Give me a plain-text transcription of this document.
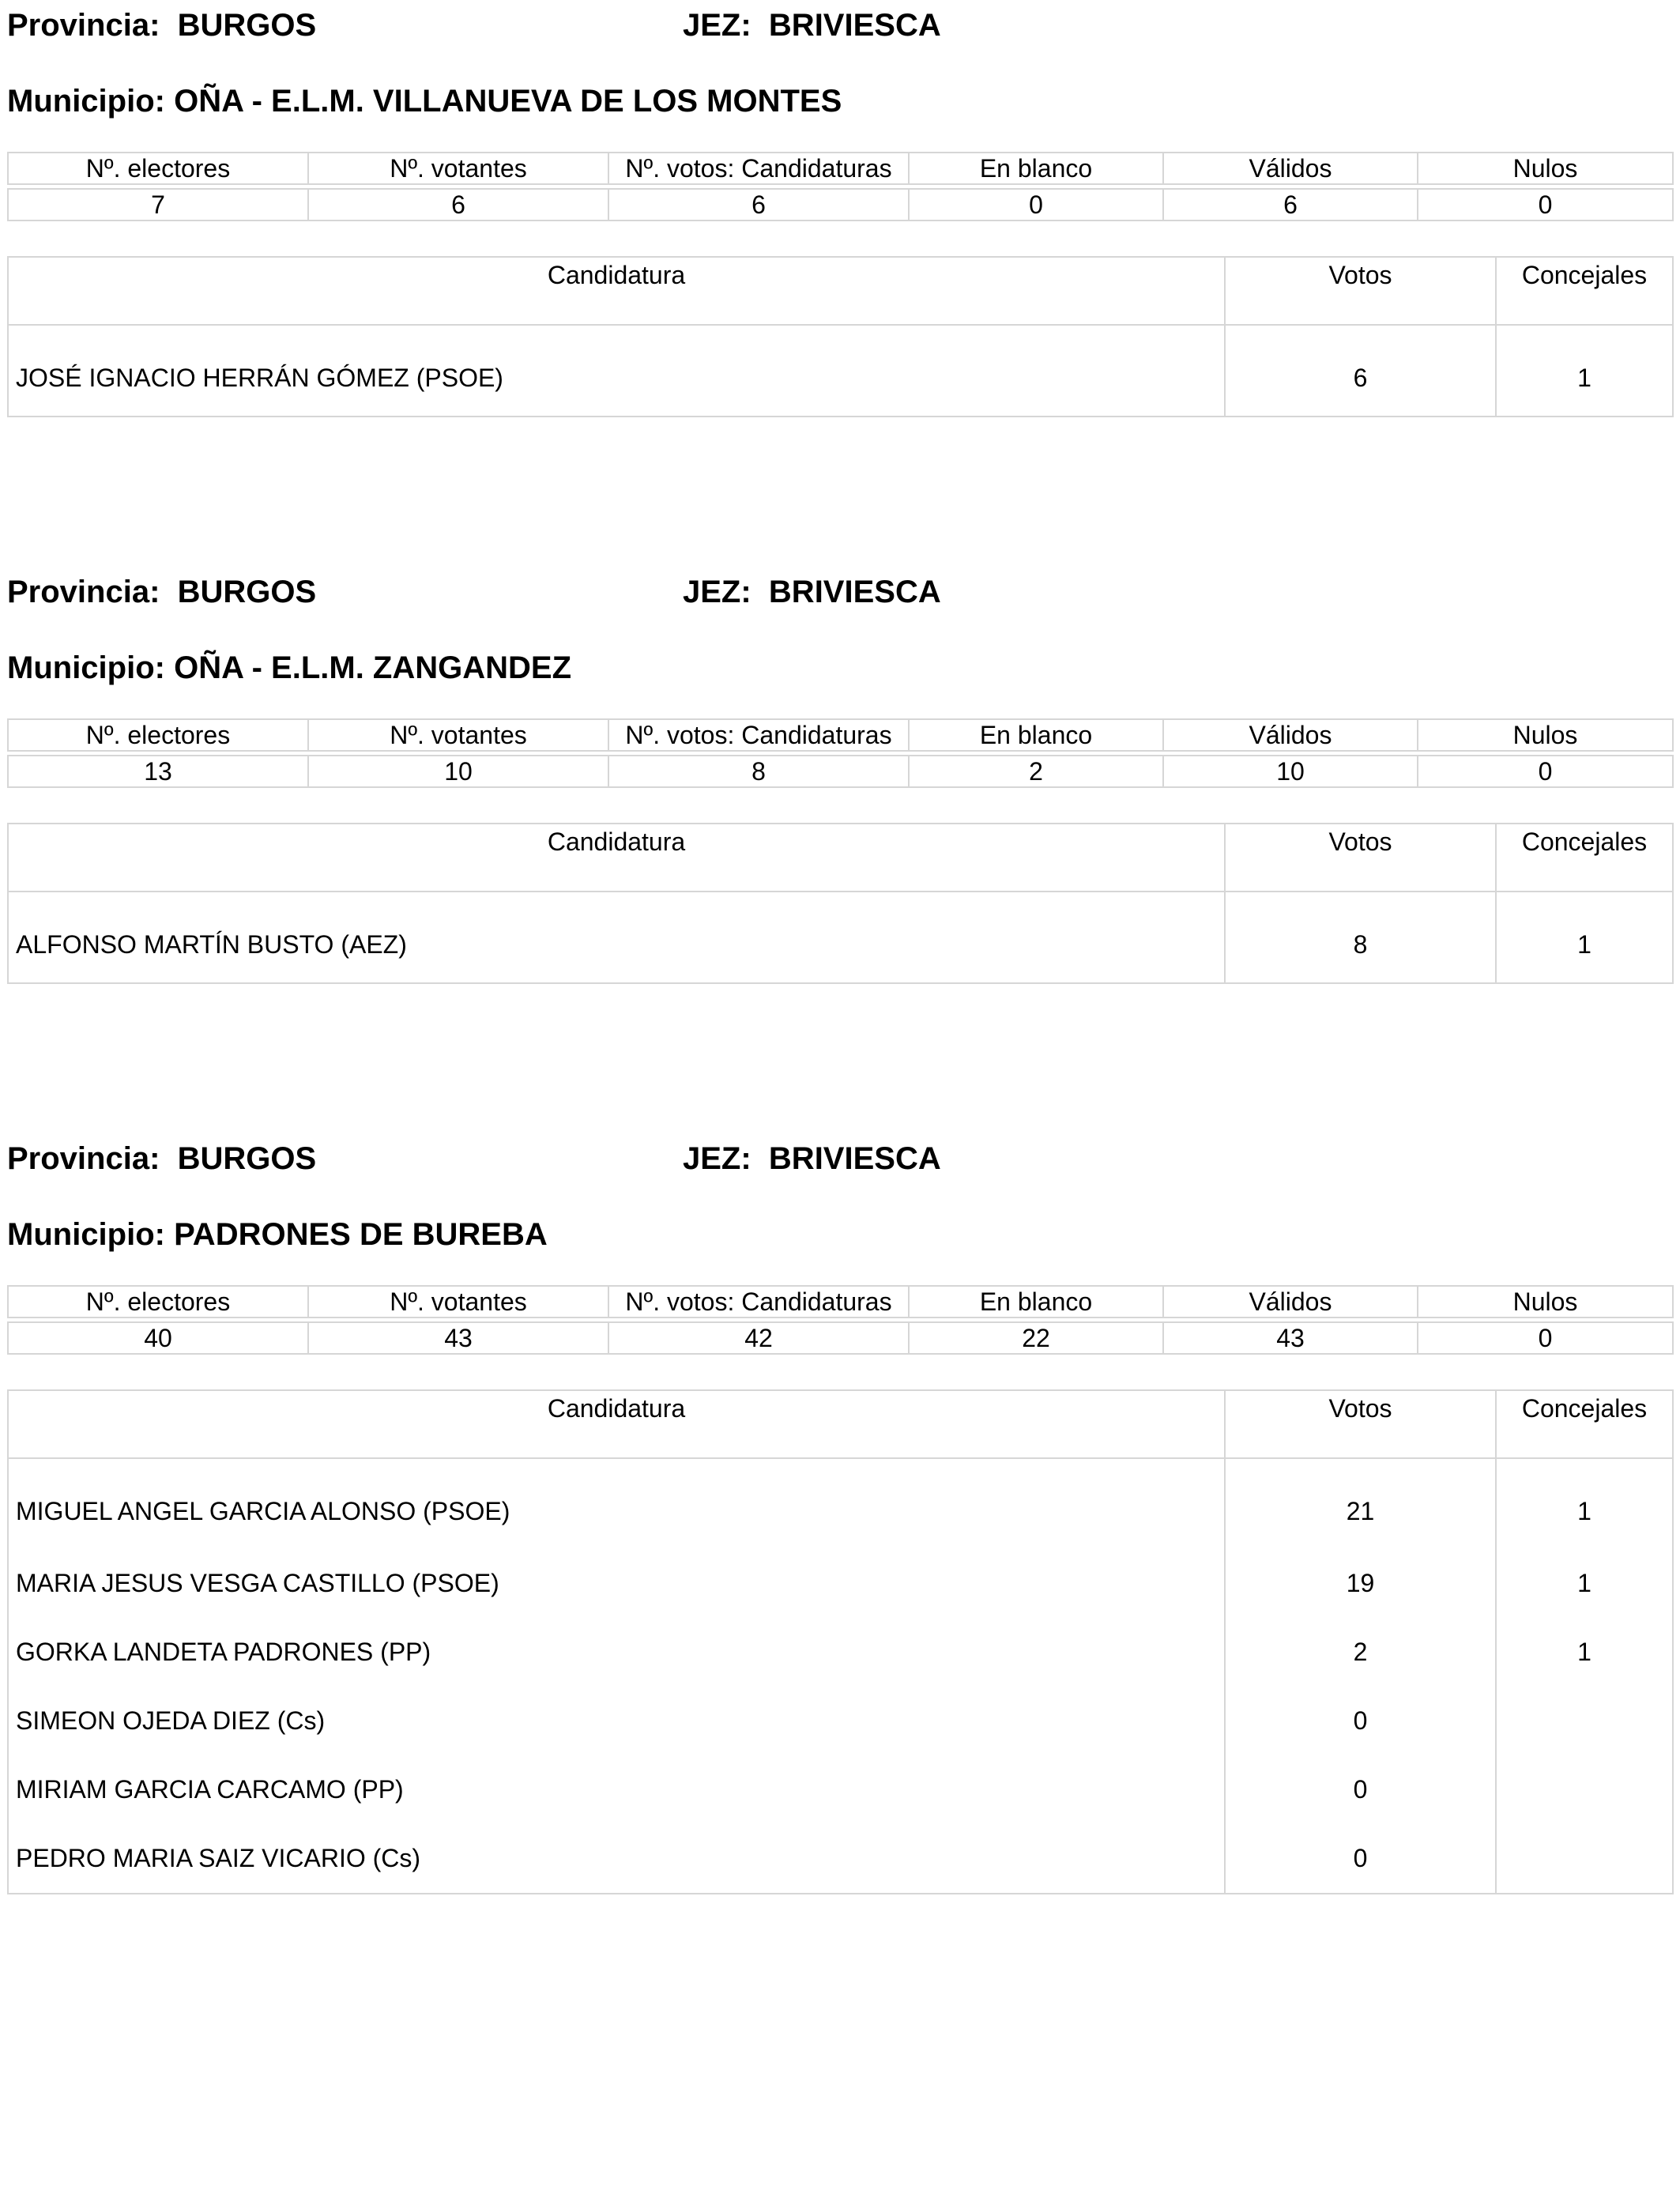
Provincia: BURGOS	JEZ: BRIVIESCA
Municipio: OÑA - E.L.M. VILLANUEVA DE LOS MONTES
Nº. electores	Nº. votantes	Nº. votos: Candidaturas	En blanco	Válidos	Nulos

7	6	6	0	6	0
Candidatura	Votos	Concejales
JOSÉ IGNACIO HERRÁN GÓMEZ (PSOE)	6	1
Provincia: BURGOS	JEZ: BRIVIESCA
Municipio: OÑA - E.L.M. ZANGANDEZ
Nº. electores	Nº. votantes	Nº. votos: Candidaturas	En blanco	Válidos	Nulos

13	10	8	2	10	0
Candidatura	Votos	Concejales
ALFONSO MARTÍN BUSTO (AEZ)	8	1
Provincia: BURGOS	JEZ: BRIVIESCA
Municipio: PADRONES DE BUREBA
Nº. electores	Nº. votantes	Nº. votos: Candidaturas	En blanco	Válidos	Nulos

40	43	42	22	43	0
Candidatura	Votos	Concejales
MIGUEL ANGEL GARCIA ALONSO (PSOE)	21	1
MARIA JESUS VESGA CASTILLO (PSOE)	19	1
GORKA LANDETA PADRONES (PP)	2	1
SIMEON OJEDA DIEZ (Cs)	0	
MIRIAM GARCIA CARCAMO (PP)	0	
PEDRO MARIA SAIZ VICARIO (Cs)	0	
